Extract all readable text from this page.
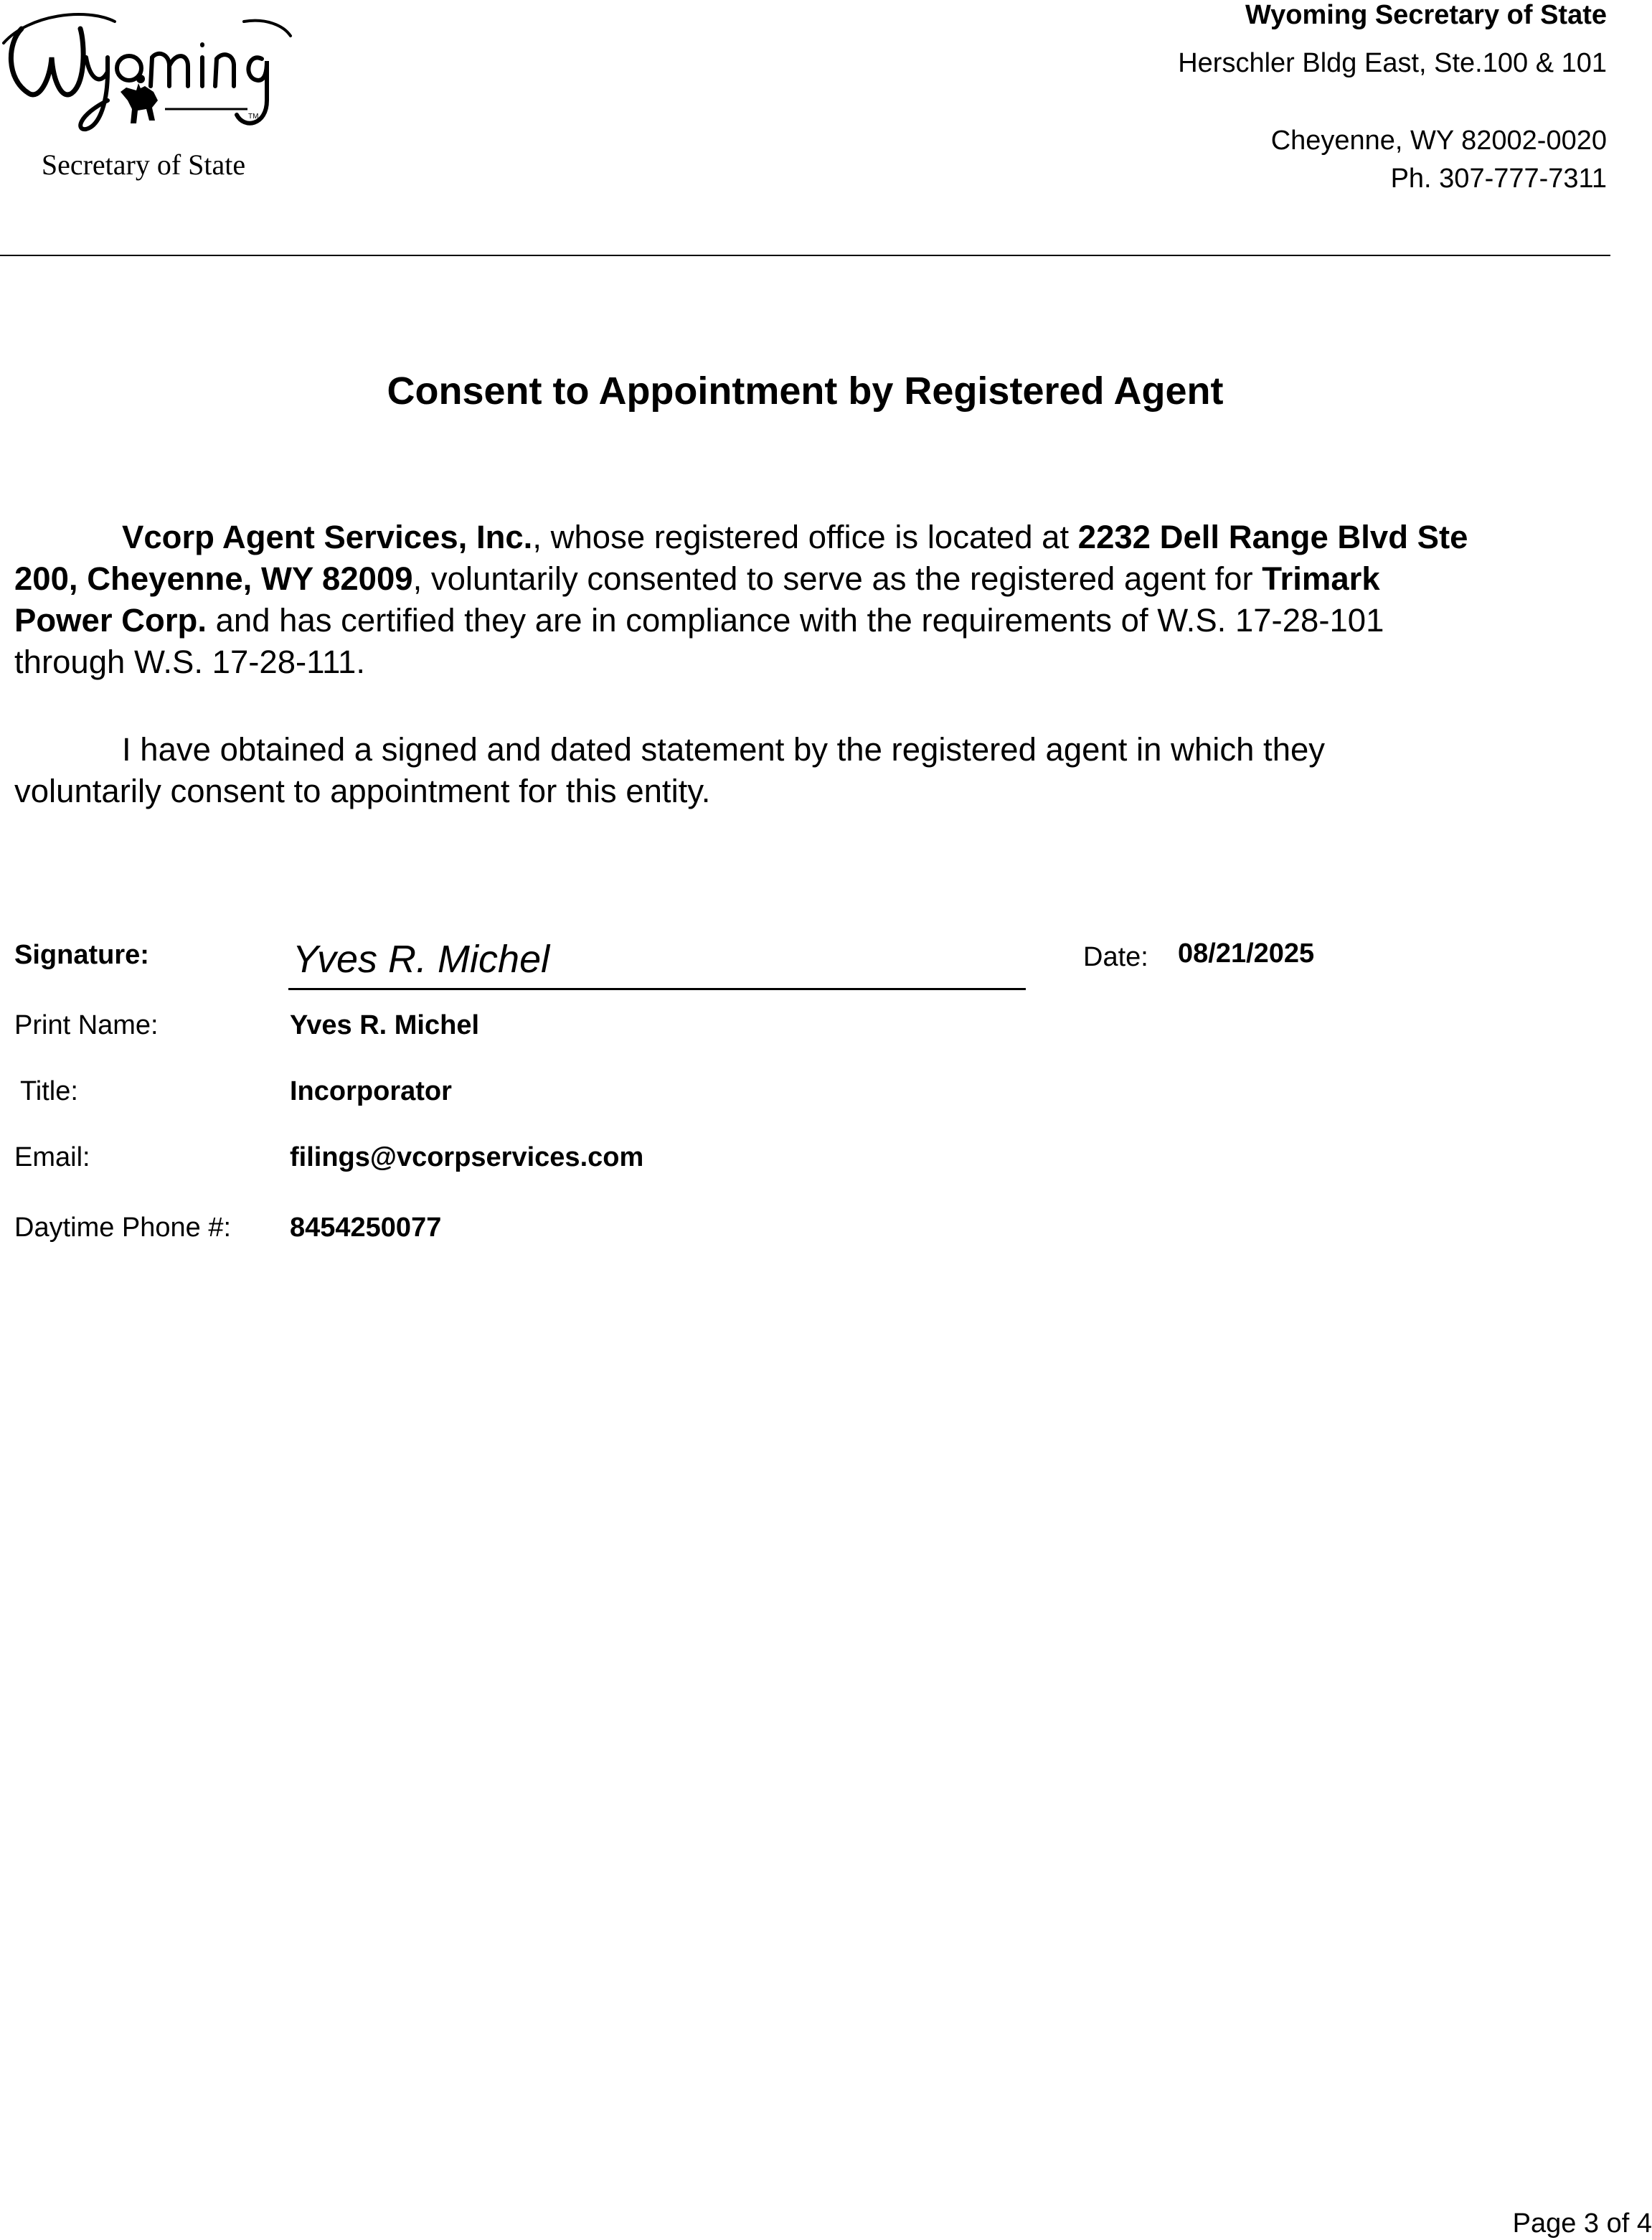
TM
Secretary of State
Wyoming Secretary of State
Herschler Bldg East, Ste.100 & 101
Cheyenne, WY 82002-0020
Ph. 307-777-7311
Consent to Appointment by Registered Agent
Vcorp Agent Services, Inc., whose registered office is located at 2232 Dell Range Blvd Ste
200, Cheyenne, WY 82009, voluntarily consented to serve as the registered agent for Trimark
Power Corp. and has certified they are in compliance with the requirements of W.S. 17-28-101
through W.S. 17-28-111.
I have obtained a signed and dated statement by the registered agent in which they
voluntarily consent to appointment for this entity.
Signature:	Yves R. Michel	Date: 08/21/2025
Print Name:	Yves R. Michel
Title:	Incorporator
Email:	filings@vcorpservices.com
Daytime Phone #: 8454250077
Page 3 of 4
